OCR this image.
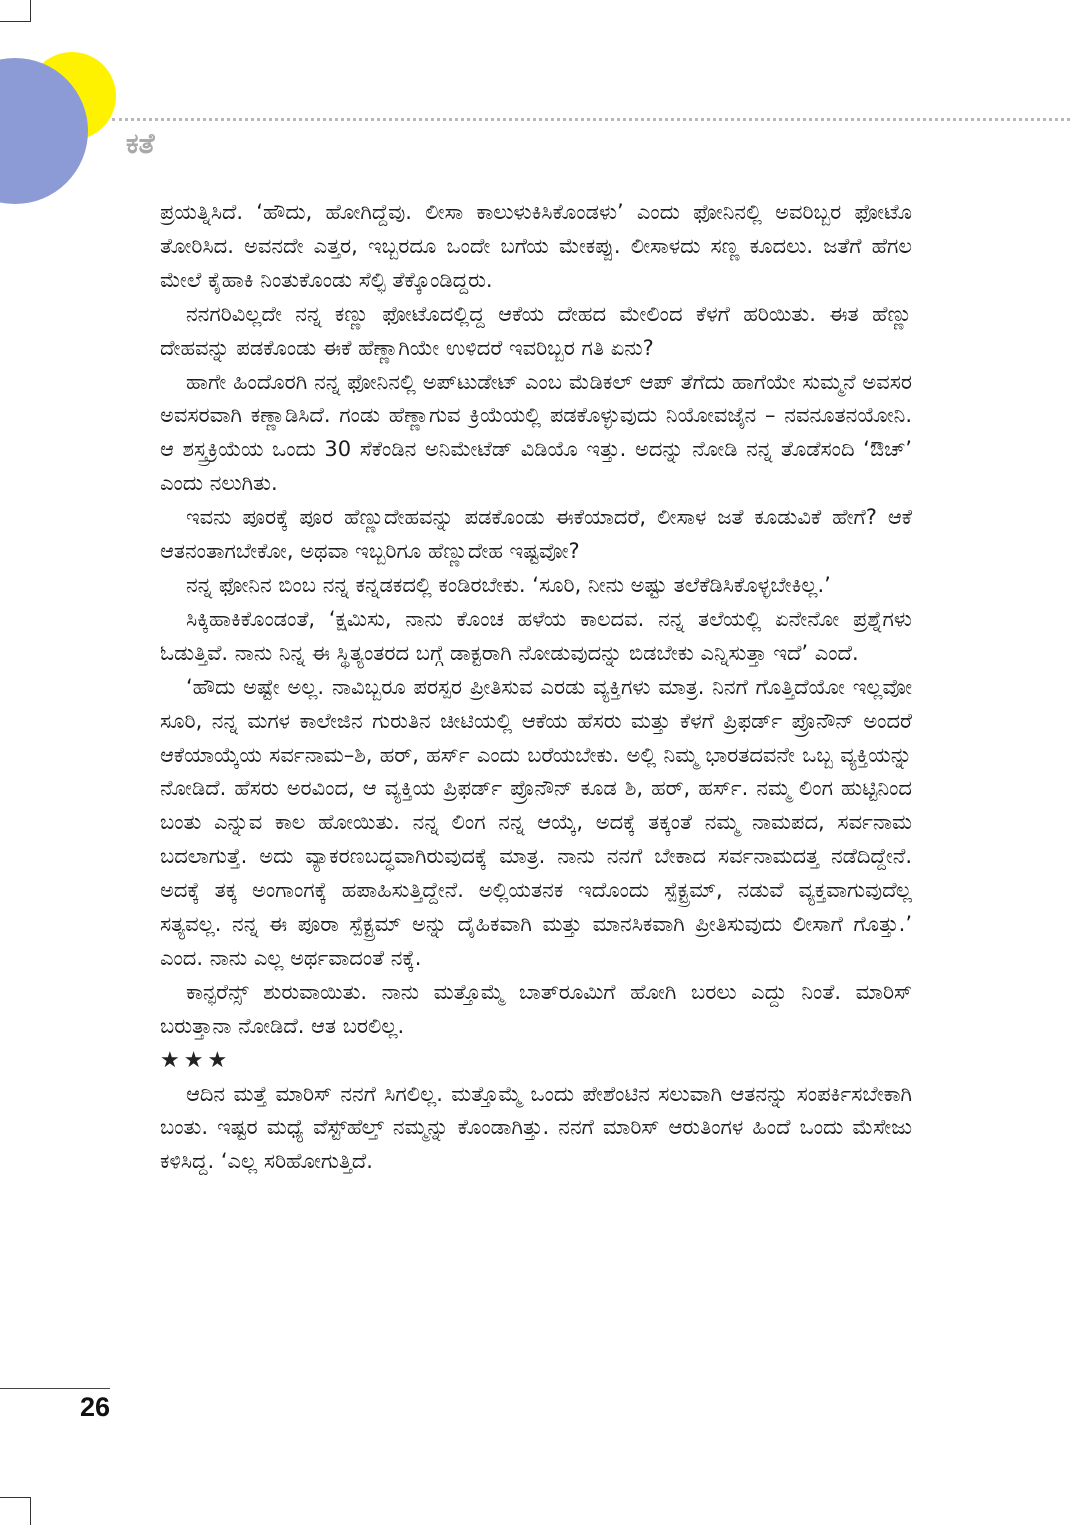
ಕತೆ

ಪ್ರಯತ್ನಿಸಿದೆ. ‘ಹೌದು, ಹೋಗಿದ್ದೆವು. ಲೀಸಾ ಕಾಲುಳುಕಿಸಿಕೊಂಡಳು’ ಎಂದು ಫೋನಿನಲ್ಲಿ ಅವರಿಬ್ಬರ ಫೋಟೊ ತೋರಿಸಿದ. ಅವನದೇ ಎತ್ತರ, ಇಬ್ಬರದೂ ಒಂದೇ ಬಗೆಯ ಮೇಕಪ್ಪು. ಲೀಸಾಳದು ಸಣ್ಣ ಕೂದಲು. ಜತೆಗೆ ಹೆಗಲ ಮೇಲೆ ಕೈಹಾಕಿ ನಿಂತುಕೊಂಡು ಸೆಲ್ಫಿ ತೆಕ್ಕೊಂಡಿದ್ದರು.

ನನಗರಿವಿಲ್ಲದೇ ನನ್ನ ಕಣ್ಣು ಫೋಟೊದಲ್ಲಿದ್ದ ಆಕೆಯ ದೇಹದ ಮೇಲಿಂದ ಕೆಳಗೆ ಹರಿಯಿತು. ಈತ ಹೆಣ್ಣು ದೇಹವನ್ನು ಪಡಕೊಂಡು ಈಕೆ ಹೆಣ್ಣಾಗಿಯೇ ಉಳಿದರೆ ಇವರಿಬ್ಬರ ಗತಿ ಏನು?

ಹಾಗೇ ಹಿಂದೊರಗಿ ನನ್ನ ಫೋನಿನಲ್ಲಿ ಅಪ್‌ಟುಡೇಟ್ ಎಂಬ ಮೆಡಿಕಲ್ ಆಪ್ ತೆಗೆದು ಹಾಗೆಯೇ ಸುಮ್ಮನೆ ಅವಸರ ಅವಸರವಾಗಿ ಕಣ್ಣಾಡಿಸಿದೆ. ಗಂಡು ಹೆಣ್ಣಾಗುವ ಕ್ರಿಯೆಯಲ್ಲಿ ಪಡಕೊಳ್ಳುವುದು ನಿಯೋವಜೈನ – ನವನೂತನಯೋನಿ. ಆ ಶಸ್ತ್ರಕ್ರಿಯೆಯ ಒಂದು 30 ಸೆಕೆಂಡಿನ ಅನಿಮೇಟೆಡ್ ವಿಡಿಯೊ ಇತ್ತು. ಅದನ್ನು ನೋಡಿ ನನ್ನ ತೊಡೆಸಂದಿ ‘ಔಚ್’ ಎಂದು ನಲುಗಿತು.

ಇವನು ಪೂರಕ್ಕೆ ಪೂರ ಹೆಣ್ಣುದೇಹವನ್ನು ಪಡಕೊಂಡು ಈಕೆಯಾದರೆ, ಲೀಸಾಳ ಜತೆ ಕೂಡುವಿಕೆ ಹೇಗೆ? ಆಕೆ ಆತನಂತಾಗಬೇಕೋ, ಅಥವಾ ಇಬ್ಬರಿಗೂ ಹೆಣ್ಣುದೇಹ ಇಷ್ಟವೋ?

ನನ್ನ ಫೋನಿನ ಬಿಂಬ ನನ್ನ ಕನ್ನಡಕದಲ್ಲಿ ಕಂಡಿರಬೇಕು. ‘ಸೂರಿ, ನೀನು ಅಷ್ಟು ತಲೆಕೆಡಿಸಿಕೊಳ್ಳಬೇಕಿಲ್ಲ.’

ಸಿಕ್ಕಿಹಾಕಿಕೊಂಡಂತೆ, ‘ಕ್ಷಮಿಸು, ನಾನು ಕೊಂಚ ಹಳೆಯ ಕಾಲದವ. ನನ್ನ ತಲೆಯಲ್ಲಿ ಏನೇನೋ ಪ್ರಶ್ನೆಗಳು ಓಡುತ್ತಿವೆ. ನಾನು ನಿನ್ನ ಈ ಸ್ಥಿತ್ಯಂತರದ ಬಗ್ಗೆ ಡಾಕ್ಟರಾಗಿ ನೋಡುವುದನ್ನು ಬಿಡಬೇಕು ಎನ್ನಿಸುತ್ತಾ ಇದೆ’ ಎಂದೆ.

‘ಹೌದು ಅಷ್ಟೇ ಅಲ್ಲ. ನಾವಿಬ್ಬರೂ ಪರಸ್ಪರ ಪ್ರೀತಿಸುವ ಎರಡು ವ್ಯಕ್ತಿಗಳು ಮಾತ್ರ. ನಿನಗೆ ಗೊತ್ತಿದೆಯೋ ಇಲ್ಲವೋ ಸೂರಿ, ನನ್ನ ಮಗಳ ಕಾಲೇಜಿನ ಗುರುತಿನ ಚೀಟಿಯಲ್ಲಿ ಆಕೆಯ ಹೆಸರು ಮತ್ತು ಕೆಳಗೆ ಪ್ರಿಫರ್ಡ್ ಪ್ರೊನೌನ್ ಅಂದರೆ ಆಕೆಯಾಯ್ಕೆಯ ಸರ್ವನಾಮ–ಶಿ, ಹರ್, ಹರ್ಸ್ ಎಂದು ಬರೆಯಬೇಕು. ಅಲ್ಲಿ ನಿಮ್ಮ ಭಾರತದವನೇ ಒಬ್ಬ ವ್ಯಕ್ತಿಯನ್ನು ನೋಡಿದೆ. ಹೆಸರು ಅರವಿಂದ, ಆ ವ್ಯಕ್ತಿಯ ಪ್ರಿಫರ್ಡ್ ಪ್ರೊನೌನ್ ಕೂಡ ಶಿ, ಹರ್, ಹರ್ಸ್. ನಮ್ಮ ಲಿಂಗ ಹುಟ್ಟಿನಿಂದ ಬಂತು ಎನ್ನುವ ಕಾಲ ಹೋಯಿತು. ನನ್ನ ಲಿಂಗ ನನ್ನ ಆಯ್ಕೆ, ಅದಕ್ಕೆ ತಕ್ಕಂತೆ ನಮ್ಮ ನಾಮಪದ, ಸರ್ವನಾಮ ಬದಲಾಗುತ್ತೆ. ಅದು ವ್ಯಾಕರಣಬದ್ಧವಾಗಿರುವುದಕ್ಕೆ ಮಾತ್ರ. ನಾನು ನನಗೆ ಬೇಕಾದ ಸರ್ವನಾಮದತ್ತ ನಡೆದಿದ್ದೇನೆ. ಅದಕ್ಕೆ ತಕ್ಕ ಅಂಗಾಂಗಕ್ಕೆ ಹಪಾಹಿಸುತ್ತಿದ್ದೇನೆ. ಅಲ್ಲಿಯತನಕ ಇದೊಂದು ಸ್ಪೆಕ್ಟ್ರಮ್, ನಡುವೆ ವ್ಯಕ್ತವಾಗುವುದೆಲ್ಲ ಸತ್ಯವಲ್ಲ. ನನ್ನ ಈ ಪೂರಾ ಸ್ಪೆಕ್ಟ್ರಮ್ ಅನ್ನು ದೈಹಿಕವಾಗಿ ಮತ್ತು ಮಾನಸಿಕವಾಗಿ ಪ್ರೀತಿಸುವುದು ಲೀಸಾಗೆ ಗೊತ್ತು.’ ಎಂದ. ನಾನು ಎಲ್ಲ ಅರ್ಥವಾದಂತೆ ನಕ್ಕೆ.

ಕಾನ್ಫರೆನ್ಸ್ ಶುರುವಾಯಿತು. ನಾನು ಮತ್ತೊಮ್ಮೆ ಬಾತ್‌ರೂಮಿಗೆ ಹೋಗಿ ಬರಲು ಎದ್ದು ನಿಂತೆ. ಮಾರಿಸ್ ಬರುತ್ತಾನಾ ನೋಡಿದೆ. ಆತ ಬರಲಿಲ್ಲ.

★★★

ಆದಿನ ಮತ್ತೆ ಮಾರಿಸ್ ನನಗೆ ಸಿಗಲಿಲ್ಲ. ಮತ್ತೊಮ್ಮೆ ಒಂದು ಪೇಶೆಂಟಿನ ಸಲುವಾಗಿ ಆತನನ್ನು ಸಂಪರ್ಕಿಸಬೇಕಾಗಿ ಬಂತು. ಇಷ್ಟರ ಮಧ್ಯೆ ವೆಸ್ಟ್‌ಹೆಲ್ತ್ ನಮ್ಮನ್ನು ಕೊಂಡಾಗಿತ್ತು. ನನಗೆ ಮಾರಿಸ್ ಆರುತಿಂಗಳ ಹಿಂದೆ ಒಂದು ಮೆಸೇಜು ಕಳಿಸಿದ್ದ. ‘ಎಲ್ಲ ಸರಿಹೋಗುತ್ತಿದೆ.

26
